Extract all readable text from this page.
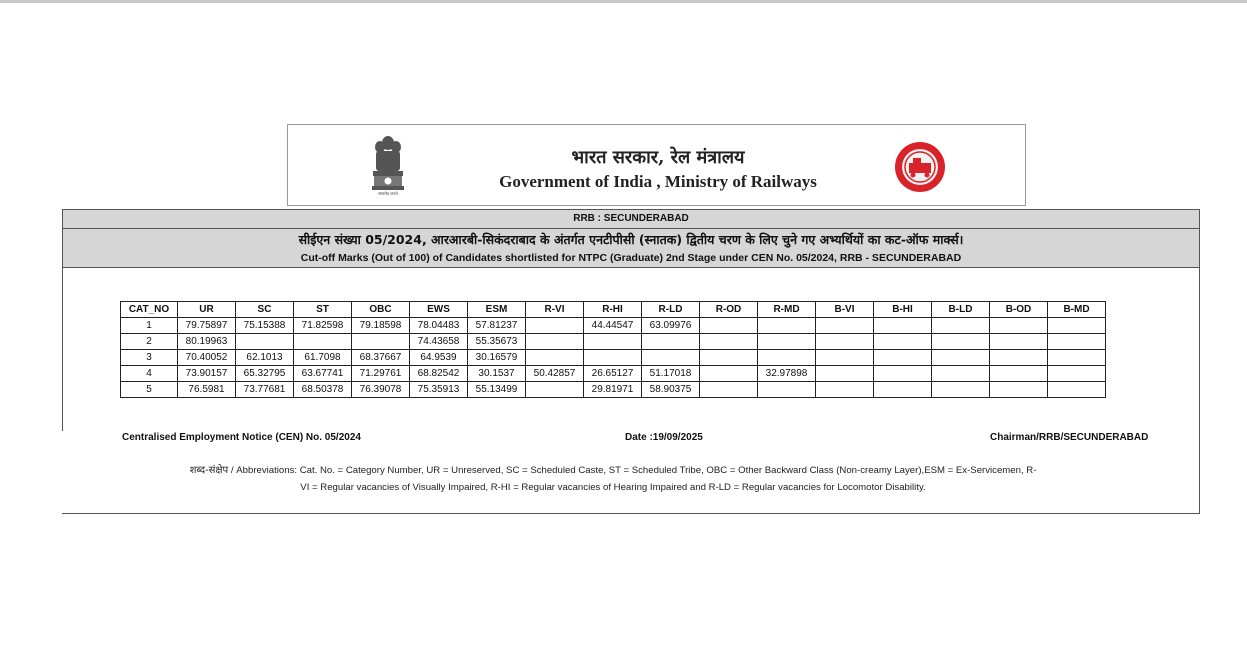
सत्यमेव जयते
भारत सरकार, रेल मंत्रालय
Government of India , Ministry of Railways
RRB : SECUNDERABAD
सीईएन संख्या 05/2024, आरआरबी-सिकंदराबाद के अंतर्गत एनटीपीसी (स्नातक) द्वितीय चरण के लिए चुने गए अभ्यर्थियों का कट-ऑफ मार्क्स।
Cut-off Marks (Out of 100) of Candidates shortlisted for NTPC (Graduate) 2nd Stage under CEN No. 05/2024, RRB - SECUNDERABAD
CAT_NO	UR	SC	ST	OBC	EWS	ESM	R-VI	R-HI	R-LD	R-OD	R-MD	B-VI	B-HI	B-LD	B-OD	B-MD
1	79.75897	75.15388	71.82598	79.18598	78.04483	57.81237		44.44547	63.09976							
2	80.19963				74.43658	55.35673										
3	70.40052	62.1013	61.7098	68.37667	64.9539	30.16579										
4	73.90157	65.32795	63.67741	71.29761	68.82542	30.1537	50.42857	26.65127	51.17018		32.97898					
5	76.5981	73.77681	68.50378	76.39078	75.35913	55.13499		29.81971	58.90375							
Centralised Employment Notice (CEN) No. 05/2024	Date :19/09/2025	Chairman/RRB/SECUNDERABAD
शब्द-संक्षेप / Abbreviations: Cat. No. = Category Number, UR = Unreserved, SC = Scheduled Caste, ST = Scheduled Tribe, OBC = Other Backward Class (Non-creamy Layer),ESM = Ex-Servicemen, R-
VI = Regular vacancies of Visually Impaired, R-HI = Regular vacancies of Hearing Impaired and R-LD = Regular vacancies for Locomotor Disability.
